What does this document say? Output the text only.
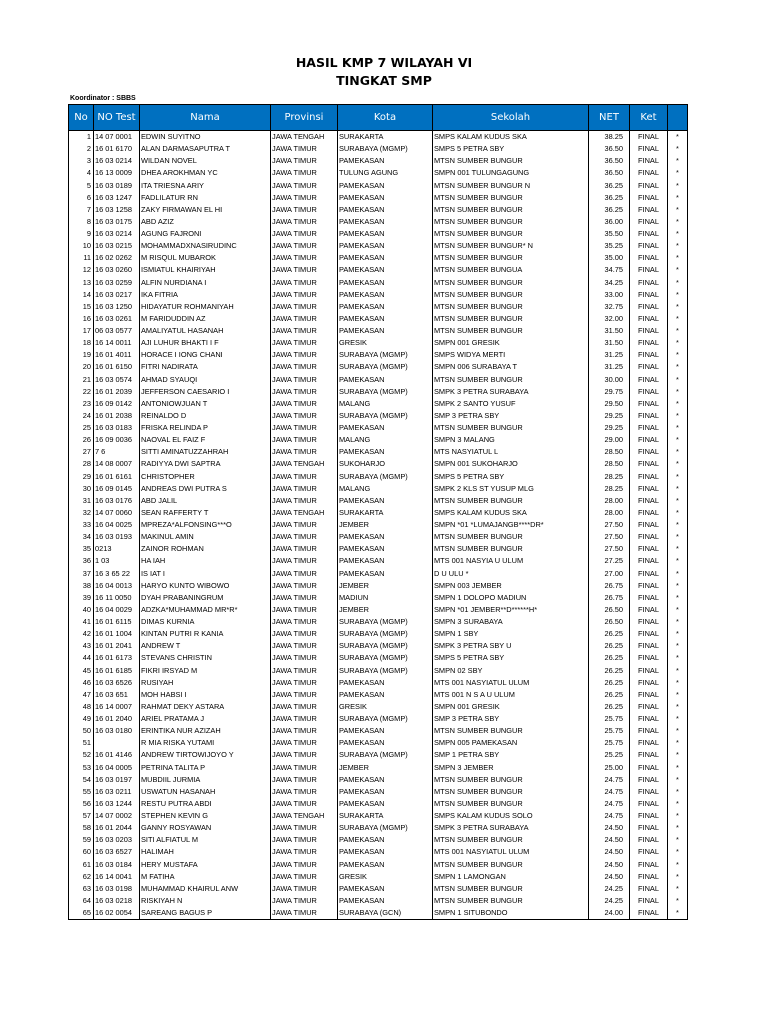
HASIL KMP 7 WILAYAH VI
TINGKAT SMP
Koordinator : SBBS
No	NO Test	Nama	Provinsi	Kota	Sekolah	NET	Ket	
1	14 07 0001	EDWIN SUYITNO	JAWA TENGAH	SURAKARTA	SMPS KALAM KUDUS SKA	38.25	FINAL	*
2	16 01 6170	ALAN DARMASAPUTRA T	JAWA TIMUR	SURABAYA (MGMP)	SMPS 5 PETRA SBY	36.50	FINAL	*
3	16 03 0214	WILDAN NOVEL	JAWA TIMUR	PAMEKASAN	MTSN SUMBER BUNGUR	36.50	FINAL	*
4	16 13 0009	DHEA AROKHMAN YC	JAWA TIMUR	TULUNG AGUNG	SMPN 001 TULUNGAGUNG	36.50	FINAL	*
5	16 03 0189	ITA TRIESNA ARIY	JAWA TIMUR	PAMEKASAN	MTSN SUMBER BUNGUR N	36.25	FINAL	*
6	16 03 1247	FADLILATUR RN	JAWA TIMUR	PAMEKASAN	MTSN SUMBER BUNGUR	36.25	FINAL	*
7	16 03 1258	ZAKY FIRMAWAN EL HI	JAWA TIMUR	PAMEKASAN	MTSN SUMBER BUNGUR	36.25	FINAL	*
8	16 03 0175	ABD AZIZ	JAWA TIMUR	PAMEKASAN	MTSN SUMBER BUNGUR	36.00	FINAL	*
9	16 03 0214	AGUNG FAJRONI	JAWA TIMUR	PAMEKASAN	MTSN SUMBER BUNGUR	35.50	FINAL	*
10	16 03 0215	MOHAMMADXNASIRUDINC	JAWA TIMUR	PAMEKASAN	MTSN SUMBER BUNGUR* N	35.25	FINAL	*
11	16 02 0262	M RISQUL MUBAROK	JAWA TIMUR	PAMEKASAN	MTSN SUMBER BUNGUR	35.00	FINAL	*
12	16 03 0260	ISMIATUL KHAIRIYAH	JAWA TIMUR	PAMEKASAN	MTSN SUMBER BUNGUA	34.75	FINAL	*
13	16 03 0259	ALFIN NURDIANA I	JAWA TIMUR	PAMEKASAN	MTSN SUMBER BUNGUR	34.25	FINAL	*
14	16 03 0217	IKA FITRIA	JAWA TIMUR	PAMEKASAN	MTSN SUMBER BUNGUR	33.00	FINAL	*
15	16 03 1250	HIDAYATUR ROHMANIYAH	JAWA TIMUR	PAMEKASAN	MTSN SUMBER BUNGUR	32.75	FINAL	*
16	16 03 0261	M FARIDUDDIN AZ	JAWA TIMUR	PAMEKASAN	MTSN SUMBER BUNGUR	32.00	FINAL	*
17	06 03 0577	AMALIYATUL HASANAH	JAWA TIMUR	PAMEKASAN	MTSN SUMBER BUNGUR	31.50	FINAL	*
18	16 14 0011	AJI LUHUR BHAKTI I F	JAWA TIMUR	GRESIK	SMPN 001 GRESIK	31.50	FINAL	*
19	16 01 4011	HORACE I IONG CHANI	JAWA TIMUR	SURABAYA (MGMP)	SMPS WIDYA MERTI	31.25	FINAL	*
20	16 01 6150	FITRI NADIRATA	JAWA TIMUR	SURABAYA (MGMP)	SMPN 006 SURABAYA T	31.25	FINAL	*
21	16 03 0574	AHMAD SYAUQI	JAWA TIMUR	PAMEKASAN	MTSN SUMBER BUNGUR	30.00	FINAL	*
22	16 01 2039	JEFFERSON CAESARIO I	JAWA TIMUR	SURABAYA (MGMP)	SMPK 3 PETRA SURABAYA	29.75	FINAL	*
23	16 09 0142	ANTONIOWJUAN T	JAWA TIMUR	MALANG	SMPK 2 SANTO YUSUF	29.50	FINAL	*
24	16 01 2038	REINALDO D	JAWA TIMUR	SURABAYA (MGMP)	SMP 3 PETRA SBY	29.25	FINAL	*
25	16 03 0183	FRISKA RELINDA P	JAWA TIMUR	PAMEKASAN	MTSN SUMBER BUNGUR	29.25	FINAL	*
26	16 09 0036	NAOVAL EL FAIZ F	JAWA TIMUR	MALANG	SMPN 3 MALANG	29.00	FINAL	*
27	7 6	SITTI AMINATUZZAHRAH	JAWA TIMUR	PAMEKASAN	MTS NASYIATUL L	28.50	FINAL	*
28	14 08 0007	RADIYYA DWI SAPTRA	JAWA TENGAH	SUKOHARJO	SMPN 001 SUKOHARJO	28.50	FINAL	*
29	16 01 6161	CHRISTOPHER	JAWA TIMUR	SURABAYA (MGMP)	SMPS 5 PETRA SBY	28.25	FINAL	*
30	16 09 0145	ANDREAS DWI PUTRA S	JAWA TIMUR	MALANG	SMPK 2 KLS ST YUSUP MLG	28.25	FINAL	*
31	16 03 0176	ABD JALIL	JAWA TIMUR	PAMEKASAN	MTSN SUMBER BUNGUR	28.00	FINAL	*
32	14 07 0060	SEAN RAFFERTY T	JAWA TENGAH	SURAKARTA	SMPS KALAM KUDUS SKA	28.00	FINAL	*
33	16 04 0025	MPREZA*ALFONSING***O	JAWA TIMUR	JEMBER	SMPN *01 *LUMAJANGB****DR*	27.50	FINAL	*
34	16 03 0193	MAKINUL AMIN	JAWA TIMUR	PAMEKASAN	MTSN SUMBER BUNGUR	27.50	FINAL	*
35	0213	ZAINOR ROHMAN	JAWA TIMUR	PAMEKASAN	MTSN SUMBER BUNGUR	27.50	FINAL	*
36	1 03	HA IAH	JAWA TIMUR	PAMEKASAN	MTS 001 NASYIA U ULUM	27.25	FINAL	*
37	16 3 65 22	IS IAT I	JAWA TIMUR	PAMEKASAN	D U ULU *	27.00	FINAL	*
38	16 04 0013	HARYO KUNTO WIBOWO	JAWA TIMUR	JEMBER	SMPN 003 JEMBER	26.75	FINAL	*
39	16 11 0050	DYAH PRABANINGRUM	JAWA TIMUR	MADIUN	SMPN 1 DOLOPO MADIUN	26.75	FINAL	*
40	16 04 0029	ADZKA*MUHAMMAD MR*R*	JAWA TIMUR	JEMBER	SMPN *01 JEMBER**D******H*	26.50	FINAL	*
41	16 01 6115	DIMAS KURNIA	JAWA TIMUR	SURABAYA (MGMP)	SMPN 3 SURABAYA	26.50	FINAL	*
42	16 01 1004	KINTAN PUTRI R KANIA	JAWA TIMUR	SURABAYA (MGMP)	SMPN 1 SBY	26.25	FINAL	*
43	16 01 2041	ANDREW T	JAWA TIMUR	SURABAYA (MGMP)	SMPK 3 PETRA SBY U	26.25	FINAL	*
44	16 01 6173	STEVANS CHRISTIN	JAWA TIMUR	SURABAYA (MGMP)	SMPS 5 PETRA SBY	26.25	FINAL	*
45	16 01 6185	FIKRI IRSYAD M	JAWA TIMUR	SURABAYA (MGMP)	SMPN 02 SBY	26.25	FINAL	*
46	16 03 6526	RUSIYAH	JAWA TIMUR	PAMEKASAN	MTS 001 NASYIATUL ULUM	26.25	FINAL	*
47	16 03 651	MOH HABSI I	JAWA TIMUR	PAMEKASAN	MTS 001 N S A U ULUM	26.25	FINAL	*
48	16 14 0007	RAHMAT DEKY ASTARA	JAWA TIMUR	GRESIK	SMPN 001 GRESIK	26.25	FINAL	*
49	16 01 2040	ARIEL PRATAMA J	JAWA TIMUR	SURABAYA (MGMP)	SMP 3 PETRA SBY	25.75	FINAL	*
50	16 03 0180	ERINTIKA NUR AZIZAH	JAWA TIMUR	PAMEKASAN	MTSN SUMBER BUNGUR	25.75	FINAL	*
51		R MIA RISKA YUTAMI	JAWA TIMUR	PAMEKASAN	SMPN 005 PAMEKASAN	25.75	FINAL	*
52	16 01 4146	ANDREW TIRTOWIJOYO Y	JAWA TIMUR	SURABAYA (MGMP)	SMP 1 PETRA SBY	25.25	FINAL	*
53	16 04 0005	PETRINA TALITA P	JAWA TIMUR	JEMBER	SMPN 3 JEMBER	25.00	FINAL	*
54	16 03 0197	MUBDIIL JURMIA	JAWA TIMUR	PAMEKASAN	MTSN SUMBER BUNGUR	24.75	FINAL	*
55	16 03 0211	USWATUN HASANAH	JAWA TIMUR	PAMEKASAN	MTSN SUMBER BUNGUR	24.75	FINAL	*
56	16 03 1244	RESTU PUTRA ABDI	JAWA TIMUR	PAMEKASAN	MTSN SUMBER BUNGUR	24.75	FINAL	*
57	14 07 0002	STEPHEN KEVIN G	JAWA TENGAH	SURAKARTA	SMPS KALAM KUDUS SOLO	24.75	FINAL	*
58	16 01 2044	GANNY ROSYAWAN	JAWA TIMUR	SURABAYA (MGMP)	SMPK 3 PETRA SURABAYA	24.50	FINAL	*
59	16 03 0203	SITI ALFIATUL M	JAWA TIMUR	PAMEKASAN	MTSN SUMBER BUNGUR	24.50	FINAL	*
60	16 03 6527	HALIMAH	JAWA TIMUR	PAMEKASAN	MTS 001 NASYIATUL ULUM	24.50	FINAL	*
61	16 03 0184	HERY MUSTAFA	JAWA TIMUR	PAMEKASAN	MTSN SUMBER BUNGUR	24.50	FINAL	*
62	16 14 0041	M FATIHA	JAWA TIMUR	GRESIK	SMPN 1 LAMONGAN	24.50	FINAL	*
63	16 03 0198	MUHAMMAD KHAIRUL ANW	JAWA TIMUR	PAMEKASAN	MTSN SUMBER BUNGUR	24.25	FINAL	*
64	16 03 0218	RISKIYAH N	JAWA TIMUR	PAMEKASAN	MTSN SUMBER BUNGUR	24.25	FINAL	*
65	16 02 0054	SAREANG BAGUS P	JAWA TIMUR	SURABAYA (GCN)	SMPN 1 SITUBONDO	24.00	FINAL	*
